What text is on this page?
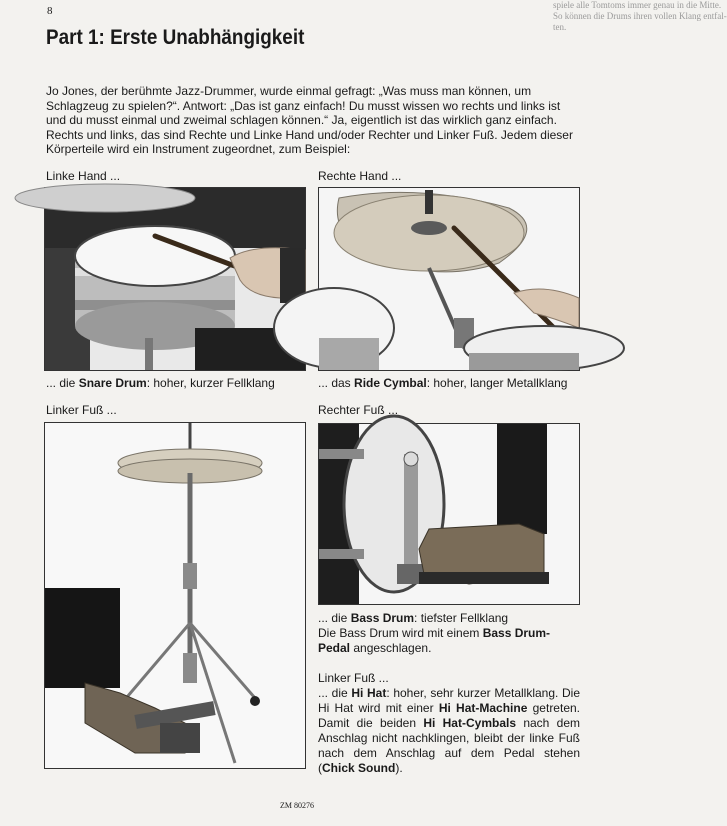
8	spiele alle Tomtoms immer genau in die Mitte.
So können die Drums ihren vollen Klang entfal-
ten.
Part 1: Erste Unabhängigkeit

Jo Jones, der berühmte Jazz-Drummer, wurde einmal gefragt: „Was muss man können, um Schlagzeug zu spielen?“. Antwort: „Das ist ganz einfach! Du musst wissen wo rechts und links ist und du musst einmal und zweimal schlagen können.“ Ja, eigentlich ist das wirklich ganz einfach. Rechts und links, das sind Rechte und Linke Hand und/oder Rechter und Linker Fuß. Jedem dieser Körperteile wird ein Instrument zugeordnet, zum Beispiel:

Linke Hand ...
... die Snare Drum: hoher, kurzer Fellklang
Rechte Hand ...
... das Ride Cymbal: hoher, langer Metallklang
Linker Fuß ...	Rechter Fuß ...
... die Bass Drum: tiefster Fellklang
Die Bass Drum wird mit einem Bass Drum-Pedal angeschlagen.
Linker Fuß ...
... die Hi Hat: hoher, sehr kurzer Metallklang. Die Hi Hat wird mit einer Hi Hat-Machine getreten. Damit die beiden Hi Hat-Cymbals nach dem Anschlag nicht nachklingen, bleibt der linke Fuß nach dem Anschlag auf dem Pedal stehen (Chick Sound).
ZM 80276
